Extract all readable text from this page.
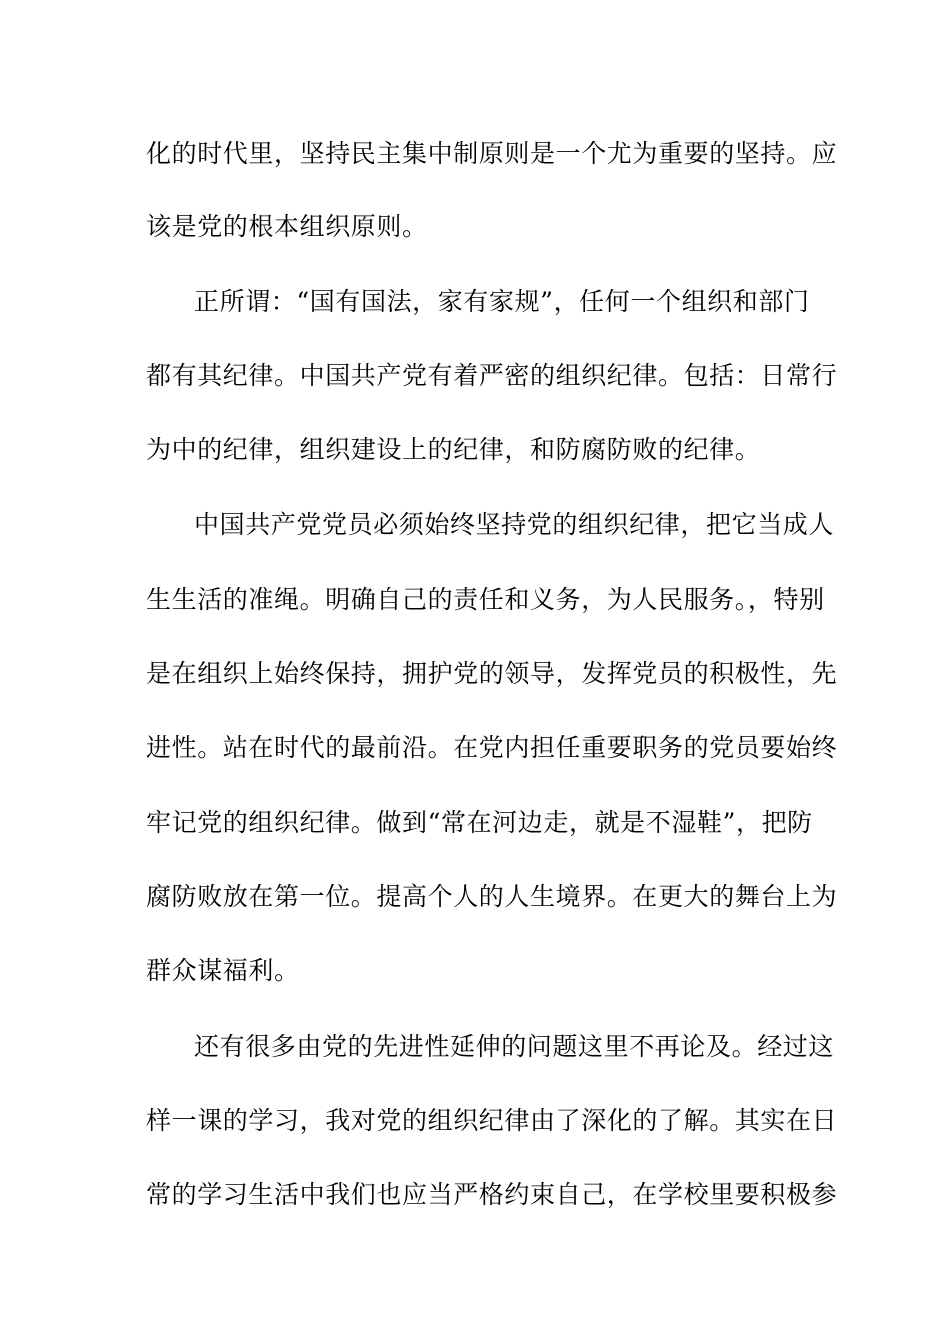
化的时代里，坚持民主集中制原则是一个尤为重要的坚持。应
该是党的根本组织原则。
正所谓：“国有国法，家有家规”，任何一个组织和部门
都有其纪律。中国共产党有着严密的组织纪律。包括：日常行
为中的纪律，组织建设上的纪律，和防腐防败的纪律。
中国共产党党员必须始终坚持党的组织纪律，把它当成人
生生活的准绳。明确自己的责任和义务，为人民服务。，特别
是在组织上始终保持，拥护党的领导，发挥党员的积极性，先
进性。站在时代的最前沿。在党内担任重要职务的党员要始终
牢记党的组织纪律。做到“常在河边走，就是不湿鞋”，把防
腐防败放在第一位。提高个人的人生境界。在更大的舞台上为
群众谋福利。
还有很多由党的先进性延伸的问题这里不再论及。经过这
样一课的学习，我对党的组织纪律由了深化的了解。其实在日
常的学习生活中我们也应当严格约束自己，在学校里要积极参
